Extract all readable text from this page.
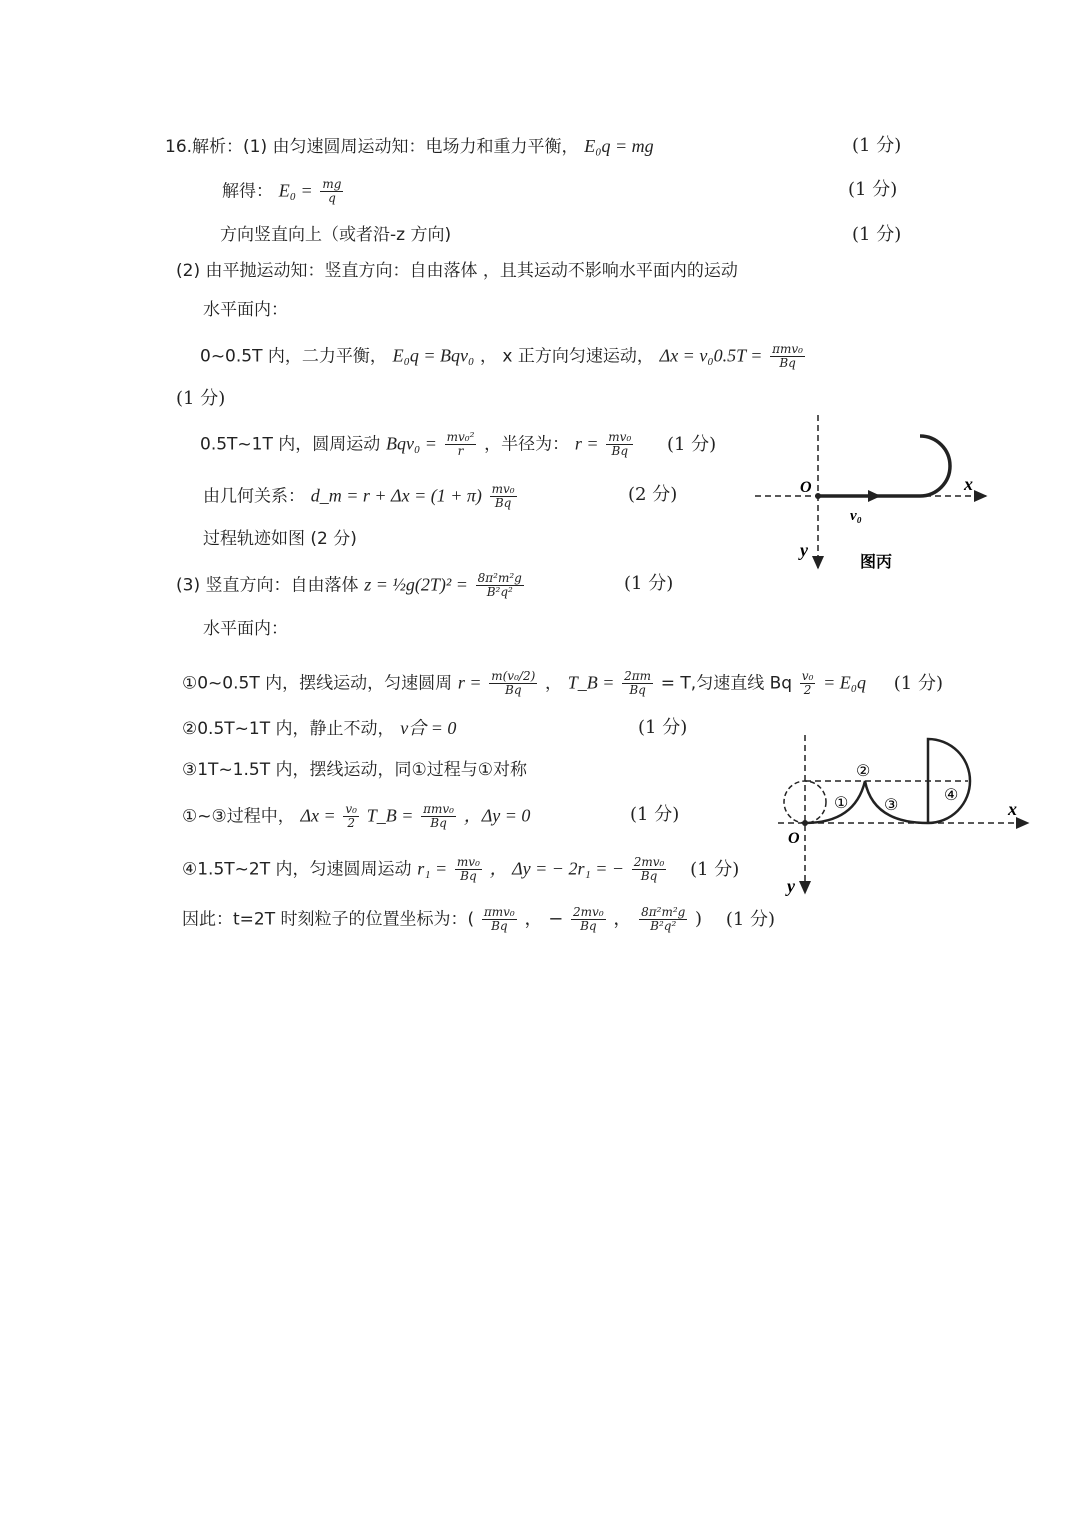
16.解析：(1) 由匀速圆周运动知：电场力和重力平衡， E₀q = mg	(1 分)
解得： $E_0 = \frac{mg}{q}$	(1 分)
方向竖直向上（或者沿-z 方向)	(1 分)
(2) 由平抛运动知：竖直方向：自由落体 ，且其运动不影响水平面内的运动
水平面内：
0~0.5T 内，二力平衡， E₀q = Bqv₀ ， x 正方向匀速运动， Δx = v₀0.5T = πmv₀
Bq
(1 分)
0.5T~1T 内，圆周运动 $Bqv_0 = \frac{\text{mv₀²}}{r}$ ，半径为： $r = \frac{\text{mv₀}}{Bq} (1$ 分)
由几何关系： d_m = $r + \Delta x = (1 + \pi) \frac{\text{mv₀}}{Bq}$	(2 分)
过程轨迹如图 (2 分)
(3) 竖直方向：自由落体 z = ½g(2T)² = $\frac{\text{8π²m²g}}{\text{B²q²}}$	(1 分)
水平面内：
①0~0.5T 内，摆线运动，匀速圆周 $r = \frac{\text{m(v₀/2)}}{Bq}$ ， T_B = $\frac{2\pi m}{Bq} = T$,匀速直线 Bq $\frac{\text{v₀}}{2} = E_0q$ (1 分)
②0.5T~1T 内，静止不动， v合 = 0	(1 分)
③1T~1.5T 内，摆线运动，同①过程与①对称
①~③过程中， $\Delta x = \frac{\text{v₀}}{2}$ T_B = πmv₀
Bq ，Δy = 0	(1 分)
④1.5T~2T 内，匀速圆周运动 $r_1 = \frac{\text{mv₀}}{Bq}$ ， Δy = − 2r₁ = − $\frac{\text{2mv₀}}{Bq} (1$ 分)
因此：t=2T 时刻粒子的位置坐标为：( πmv₀
Bq ， − $\frac{\text{2mv₀}}{Bq}$ ， $\frac{\text{8π²m²g}}{\text{B²q²}}$ ) (1 分)
O	x
y
v₀
图丙
O
x
y
①
②
③
④
